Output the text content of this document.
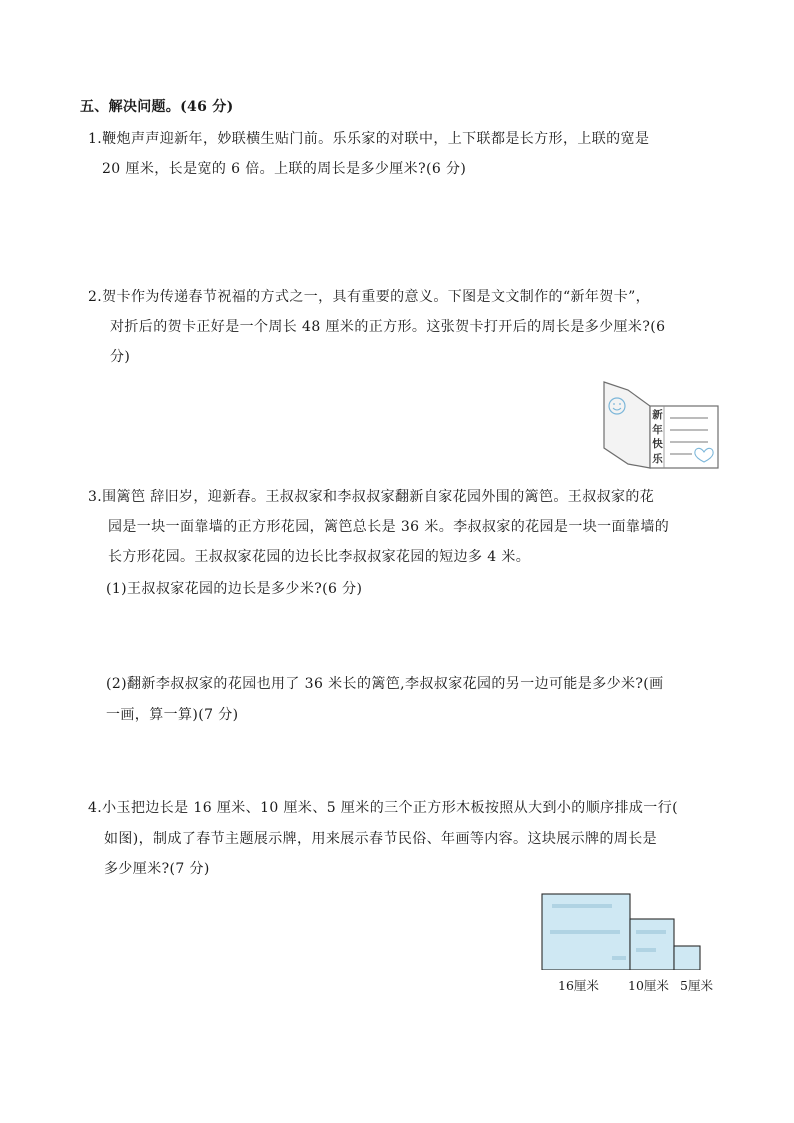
五、解决问题。(46 分)
1.鞭炮声声迎新年，妙联横生贴门前。乐乐家的对联中，上下联都是长方形，上联的宽是
20 厘米，长是宽的 6 倍。上联的周长是多少厘米?(6 分)
2.贺卡作为传递春节祝福的方式之一，具有重要的意义。下图是文文制作的“新年贺卡”，
对折后的贺卡正好是一个周长 48 厘米的正方形。这张贺卡打开后的周长是多少厘米?(6
分)
新
年
快
乐
3.围篱笆 辞旧岁，迎新春。王叔叔家和李叔叔家翻新自家花园外围的篱笆。王叔叔家的花
园是一块一面靠墙的正方形花园，篱笆总长是 36 米。李叔叔家的花园是一块一面靠墙的
长方形花园。王叔叔家花园的边长比李叔叔家花园的短边多 4 米。
(1)王叔叔家花园的边长是多少米?(6 分)
(2)翻新李叔叔家的花园也用了 36 米长的篱笆,李叔叔家花园的另一边可能是多少米?(画
一画，算一算)(7 分)
4.小玉把边长是 16 厘米、10 厘米、5 厘米的三个正方形木板按照从大到小的顺序排成一行(
如图)，制成了春节主题展示牌，用来展示春节民俗、年画等内容。这块展示牌的周长是
多少厘米?(7 分)
16厘米 10厘米 5厘米
